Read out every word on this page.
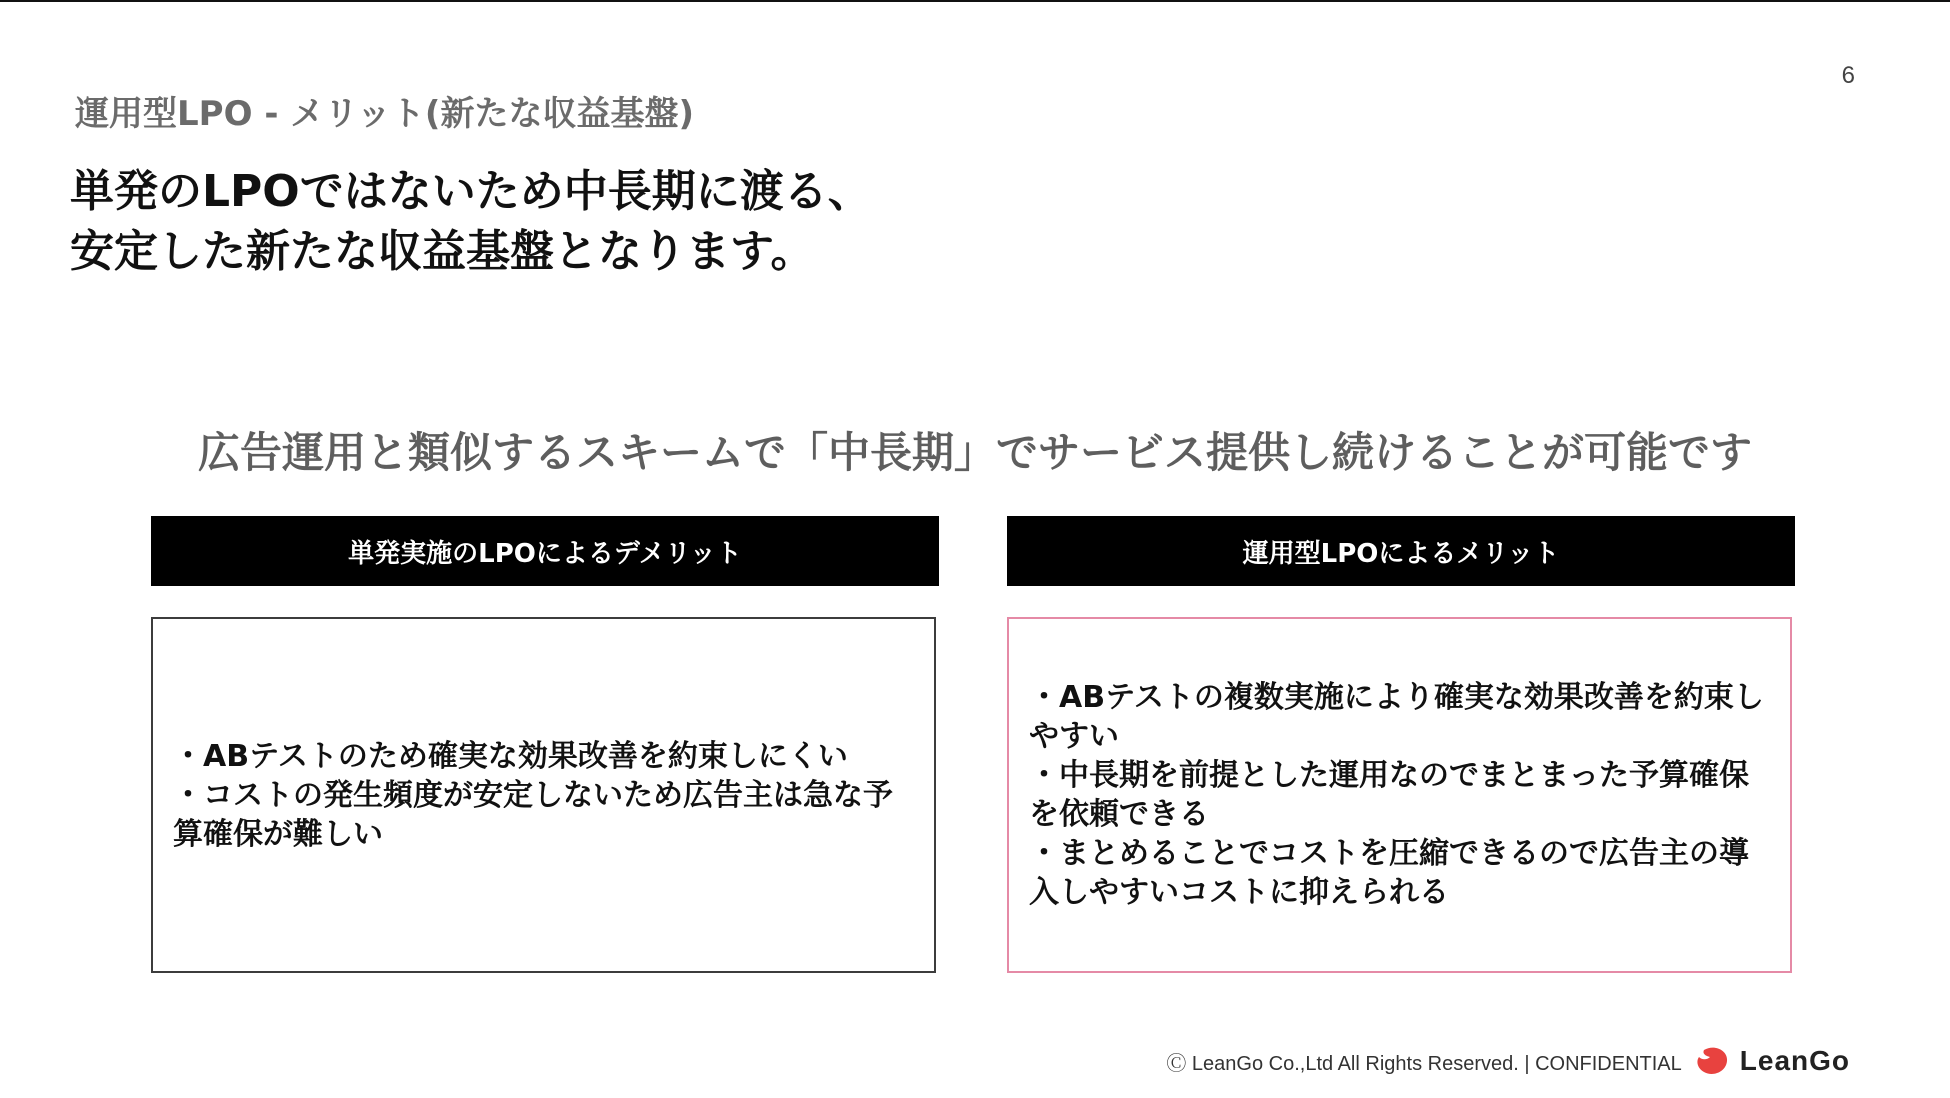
6
運用型LPO - メリット(新たな収益基盤)
単発のLPOではないため中長期に渡る、
安定した新たな収益基盤となります。
広告運用と類似するスキームで「中長期」でサービス提供し続けることが可能です
単発実施のLPOによるデメリット	運用型LPOによるメリット
・ABテストのため確実な効果改善を約束しにくい
・コストの発生頻度が安定しないため広告主は急な予算確保が難しい
・ABテストの複数実施により確実な効果改善を約束しやすい
・中長期を前提とした運用なのでまとまった予算確保を依頼できる
・まとめることでコストを圧縮できるので広告主の導入しやすいコストに抑えられる
Ⓒ LeanGo Co.,Ltd All Rights Reserved. | CONFIDENTIAL LeanGo
